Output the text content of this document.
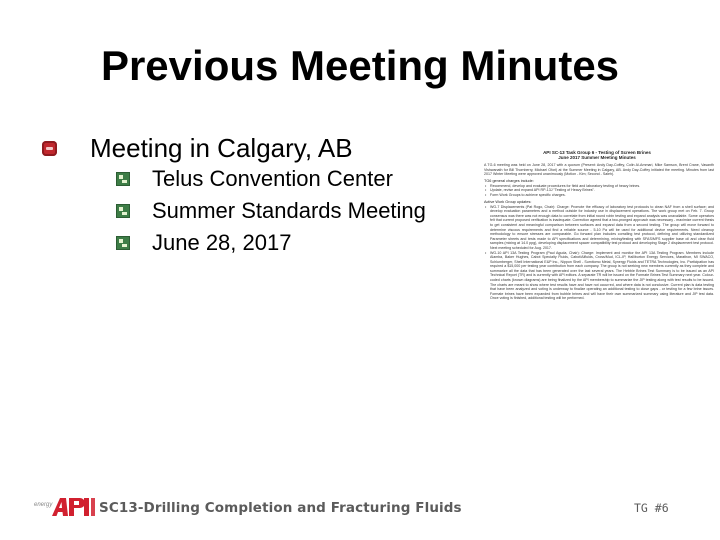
Previous Meeting Minutes
Meeting in Calgary, AB
Telus Convention Center
Summer Standards Meeting
June 28, 2017
API SC-13 Task Group 6 - Testing of Screen Brines
June 2017 Summer Meeting Minutes
A TG-6 meeting was held on June 28, 2017 with a quorum (Present: Andy Day-Coffey, Colin Al-Ammari, Mike Samson, Brent Crane, Vasanth Vishwanath for Bill Thornberry, Michael Ofori) at the Summer Meeting in Calgary, AB. Andy Day-Coffey initiated the meeting. Minutes from last 2017 Winter Meeting were approved unanimously (Motion - Kim; Second - Saleh).
TG6 general charges include:
• Recommend, develop and evaluate procedures for field and laboratory testing of heavy brines.
• Update, revise and expand API RP-13J "Testing of Heavy Brines".
• Form Work Groups to achieve specific charges.
Active Work Group updates:
• WG-7 Displacements (Pat Rogo, Chair): Charge: Promote the efficacy of laboratory test protocols to clean NAF from a shell surface; and develop evaluation parameters and a method outside for industry use in displacement operations. The work group met on Feb. 7. Group consensus was there was not enough data to correlate from initial round robin testing and expand analysis was unavailable. Some operators felt that current proposed verification is inadequate. Correction agreed that a two-pronged approach was necessary - maximize current thesis to get consistent and meaningful comparison between surfaces and expand data from a second testing. The group will move forward to determine viscous requirements and find a reliable source - 5-10 Pa will be used for additional device requirements. Need cleanup methodology to ensure stresses are comparable. Go forward plan includes corralling test protocol, defining and utilizing standardized Parameter sheets and tests made to API specifications and determining, mixing/testing with SFAS/MFS supplier base oil and clear fluid samples (mixing at 14.0 ppg), developing displacement spacer compatibility test protocol and developing Stage 2 displacement test protocol. Next meeting scheduled for Aug. 2017.
• WG-10 API 13A Testing Program (Paul Aguda, Chair): Charge: Implement and monitor the API 13A Testing Program. Members include Alamba, Baker Hughes, Cabot Specialty Fluids, Cabot/Alfluids, Cross/Mud, ICL-IP, Halliburton Energy Services, Marathon, MI SWACO, Schlumberger, Shell International E&P Inc., Nippon Shell - Sumitomo Metal, Synergy Fluids and TETRA Technologies, Inc. Participation has required a $15,000 per testing year contribution from each company. The group is not seeking new members currently as they complete and summarize all the data that has been generated over the last several years. The Hebble Brines Test Summary is to be issued as an API Technical Report (TR) and is currently with API editors. A separate TR will be issued on the Formate Brines Test Summary next year. Colour-coded charts (known diagrams) are being finalized by the API membership to summarize the JIP testing along with test results to be issued. The charts are meant to show where test results have and have not occurred, and where data is not conclusive. Current plan is data testing that have been analyzed and voting is underway to finalize operating an additional testing to close gaps - or testing for a few brine issues. Formate brines have been expanded from bubble brines and will have their own summarized summary using literature and JIP test data. Once voting is finished, additional testing will be performed.
energy	SC13-Drilling Completion and Fracturing Fluids	TG #6
